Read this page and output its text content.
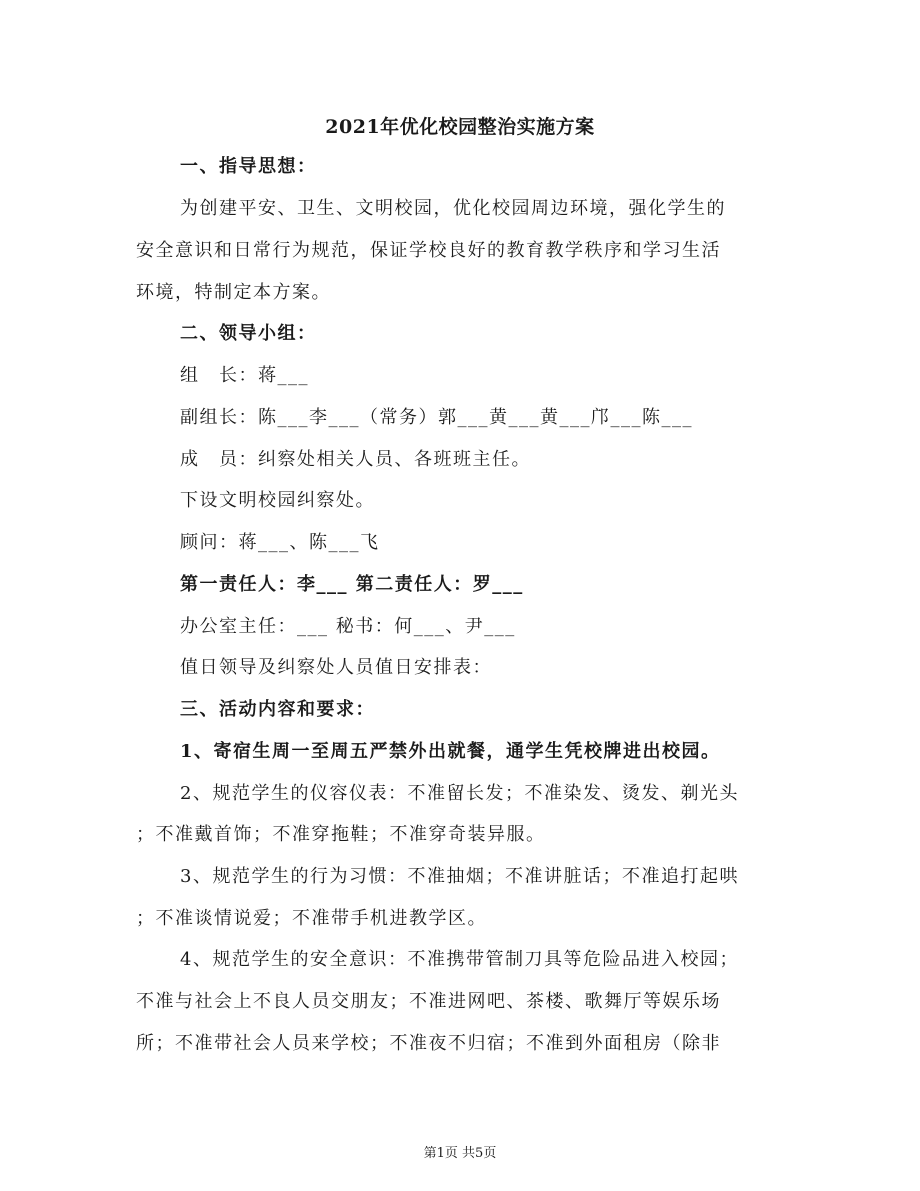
2021年优化校园整治实施方案
一、指导思想：
为创建平安、卫生、文明校园，优化校园周边环境，强化学生的
安全意识和日常行为规范，保证学校良好的教育教学秩序和学习生活
环境，特制定本方案。
二、领导小组：
组　长：蒋___
副组长：陈___李___（常务）郭___黄___黄___邝___陈___
成　员：纠察处相关人员、各班班主任。
下设文明校园纠察处。
顾问：蒋___、陈___飞
第一责任人：李___ 第二责任人：罗___
办公室主任：___ 秘书：何___、尹___
值日领导及纠察处人员值日安排表：
三、活动内容和要求：
1、寄宿生周一至周五严禁外出就餐，通学生凭校牌进出校园。
2、规范学生的仪容仪表：不准留长发；不准染发、烫发、剃光头
；不准戴首饰；不准穿拖鞋；不准穿奇装异服。
3、规范学生的行为习惯：不准抽烟；不准讲脏话；不准追打起哄
；不准谈情说爱；不准带手机进教学区。
4、规范学生的安全意识：不准携带管制刀具等危险品进入校园；
不准与社会上不良人员交朋友；不准进网吧、茶楼、歌舞厅等娱乐场
所；不准带社会人员来学校；不准夜不归宿；不准到外面租房（除非
第1页 共5页
